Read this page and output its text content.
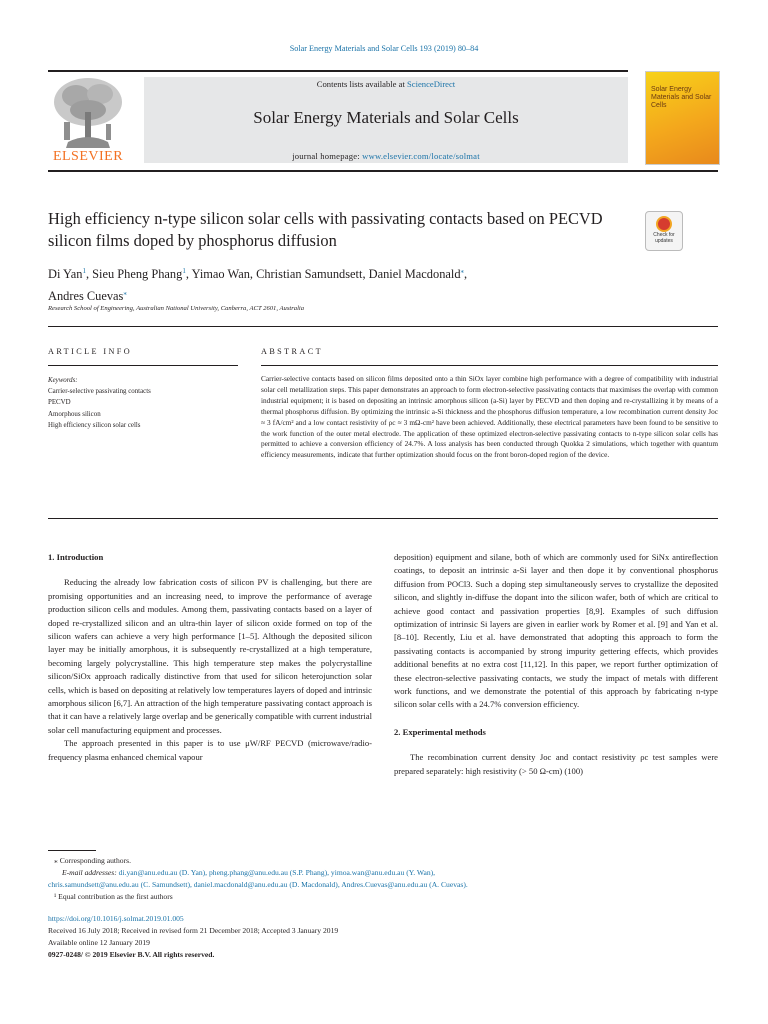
Solar Energy Materials and Solar Cells 193 (2019) 80–84
ELSEVIER
Contents lists available at ScienceDirect
Solar Energy Materials and Solar Cells
journal homepage: www.elsevier.com/locate/solmat
Solar Energy Materials and Solar Cells
High efficiency n-type silicon solar cells with passivating contacts based on PECVD silicon films doped by phosphorus diffusion	Check for updates
Di Yan$^1$, Sieu Pheng Phang$^1$, Yimao Wan, Christian Samundsett, Daniel Macdonald⁎,
Andres Cuevas⁎
Research School of Engineering, Australian National University, Canberra, ACT 2601, Australia
ARTICLE INFO
Keywords:
Carrier-selective passivating contacts
PECVD
Amorphous silicon
High efficiency silicon solar cells
ABSTRACT
Carrier-selective contacts based on silicon films deposited onto a thin SiOx layer combine high performance with a degree of compatibility with industrial solar cell metallization steps. This paper demonstrates an approach to form electron-selective passivating contacts that maximises the overlap with common industrial equipment; it is based on depositing an intrinsic amorphous silicon (a-Si) layer by PECVD and then doping and re-crystallizing it by means of a thermal phosphorus diffusion. By optimizing the intrinsic a-Si thickness and the phosphorus diffusion temperature, a low recombination current density Joc ≈ 3 fA/cm² and a low contact resistivity of ρc ≈ 3 mΩ-cm² have been achieved. Additionally, these electrical parameters have been found to be sensitive to the work function of the outer metal electrode. The application of these optimized electron-selective passivating contacts to n-type silicon solar cells has permitted to achieve a conversion efficiency of 24.7%. A loss analysis has been conducted through Quokka 2 simulations, which together with quantum efficiency measurements, indicate that further optimization should focus on the front boron-doped region of the device.
1. Introduction

Reducing the already low fabrication costs of silicon PV is challenging, but there are promising opportunities and an increasing need, to improve the performance of average production silicon cells and modules. Among them, passivating contacts based on a layer of doped re-crystallized silicon and an ultra-thin layer of silicon oxide formed on top of the silicon wafers can achieve a very high performance [1–5]. Although the deposited silicon layer may be initially amorphous, it is subsequently re-crystallized at a high temperature, becoming largely polycrystalline. This high temperature step makes the polycrystalline silicon/SiOx approach radically distinctive from that used for silicon heterojunction solar cells, which is based on depositing at relatively low temperatures layers of doped and intrinsic amorphous silicon [6,7]. An attraction of the high temperature passivating contact approach is that it can have a relatively large overlap and be generically compatible with current industrial solar cell manufacturing equipment and processes.

The approach presented in this paper is to use μW/RF PECVD (microwave/radio-frequency plasma enhanced chemical vapour

deposition) equipment and silane, both of which are commonly used for SiNx antireflection coatings, to deposit an intrinsic a-Si layer and then dope it by conventional phosphorus diffusion from POCl3. Such a doping step simultaneously serves to crystallize the deposited silicon, and slightly in-diffuse the dopant into the silicon wafer, both of which are critical to achieve good contact and passivation properties [8,9]. Examples of such diffusion optimization of intrinsic Si layers are given in earlier work by Romer et al. [9] and Yan et al. [8–10]. Recently, Liu et al. have demonstrated that adopting this approach to form the passivating contacts is accompanied by strong impurity gettering effects, which provides additional benefits at no extra cost [11,12]. In this paper, we report further optimization of these electron-selective passivating contacts, we study the impact of metals with different work functions, and we demonstrate the potential of this approach by fabricating n-type silicon solar cells with a 24.7% conversion efficiency.

2. Experimental methods

The recombination current density Joc and contact resistivity ρc test samples were prepared separately: high resistivity (> 50 Ω-cm) (100)

⁎ Corresponding authors.
E-mail addresses: di.yan@anu.edu.au (D. Yan), pheng.phang@anu.edu.au (S.P. Phang), yimoa.wan@anu.edu.au (Y. Wan),
chris.samundsett@anu.edu.au (C. Samundsett), daniel.macdonald@anu.edu.au (D. Macdonald), Andres.Cuevas@anu.edu.au (A. Cuevas).
¹ Equal contribution as the first authors
https://doi.org/10.1016/j.solmat.2019.01.005
Received 16 July 2018; Received in revised form 21 December 2018; Accepted 3 January 2019
Available online 12 January 2019
0927-0248/ © 2019 Elsevier B.V. All rights reserved.
